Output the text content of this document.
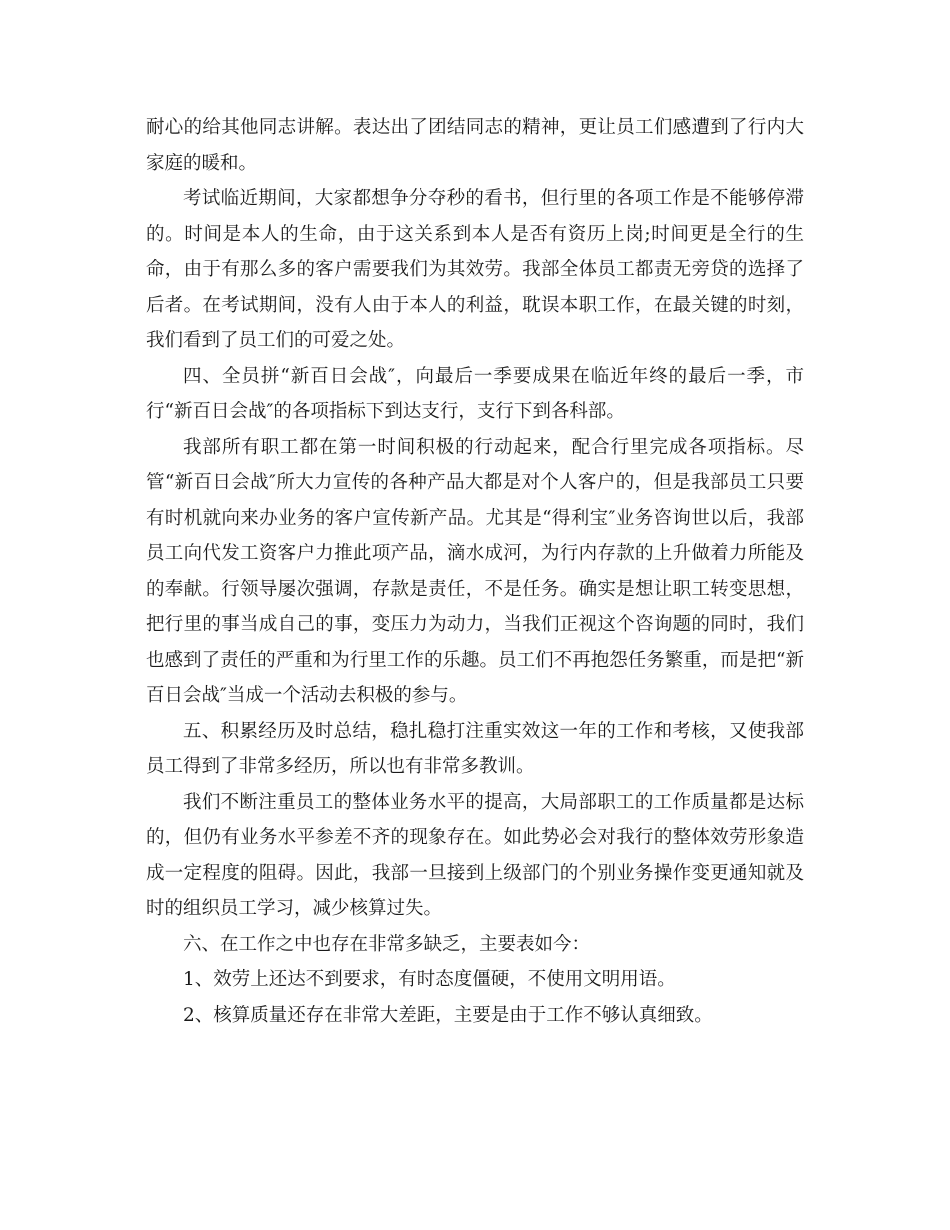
耐心的给其他同志讲解。表达出了团结同志的精神，更让员工们感遭到了行内大家庭的暖和。

考试临近期间，大家都想争分夺秒的看书，但行里的各项工作是不能够停滞的。时间是本人的生命，由于这关系到本人是否有资历上岗;时间更是全行的生命，由于有那么多的客户需要我们为其效劳。我部全体员工都责无旁贷的选择了后者。在考试期间，没有人由于本人的利益，耽误本职工作，在最关键的时刻，我们看到了员工们的可爱之处。

四、全员拼“新百日会战″，向最后一季要成果在临近年终的最后一季，市行“新百日会战″的各项指标下到达支行，支行下到各科部。

我部所有职工都在第一时间积极的行动起来，配合行里完成各项指标。尽管“新百日会战″所大力宣传的各种产品大都是对个人客户的，但是我部员工只要有时机就向来办业务的客户宣传新产品。尤其是“得利宝″业务咨询世以后，我部员工向代发工资客户力推此项产品，滴水成河，为行内存款的上升做着力所能及的奉献。行领导屡次强调，存款是责任，不是任务。确实是想让职工转变思想，把行里的事当成自己的事，变压力为动力，当我们正视这个咨询题的同时，我们也感到了责任的严重和为行里工作的乐趣。员工们不再抱怨任务繁重，而是把“新百日会战″当成一个活动去积极的参与。

五、积累经历及时总结，稳扎稳打注重实效这一年的工作和考核，又使我部员工得到了非常多经历，所以也有非常多教训。

我们不断注重员工的整体业务水平的提高，大局部职工的工作质量都是达标的，但仍有业务水平参差不齐的现象存在。如此势必会对我行的整体效劳形象造成一定程度的阻碍。因此，我部一旦接到上级部门的个别业务操作变更通知就及时的组织员工学习，减少核算过失。

六、在工作之中也存在非常多缺乏，主要表如今：

1、效劳上还达不到要求，有时态度僵硬，不使用文明用语。

2、核算质量还存在非常大差距，主要是由于工作不够认真细致。
